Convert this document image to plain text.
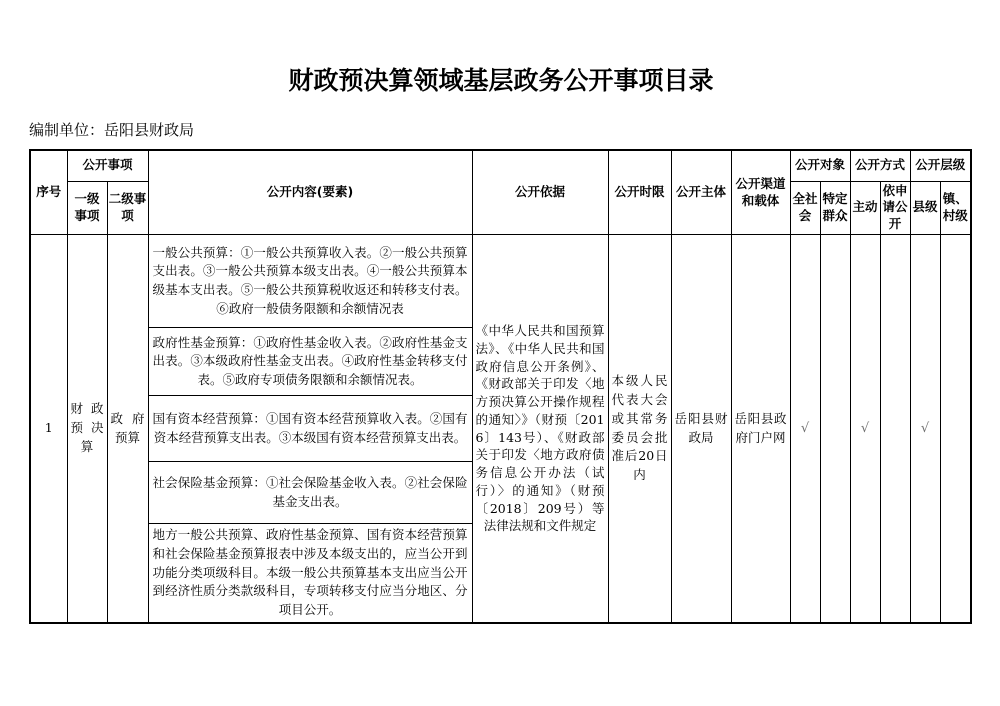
财政预决算领域基层政务公开事项目录
编制单位：岳阳县财政局
序号	公开事项		公开内容(要素)	公开依据	公开时限	公开主体	公开渠道和载体	公开对象		公开方式		公开层级	
	一级事项	二级事项						全社会	特定群众	主动	依申请公开	县级	镇、村级
1	财政预决算	政府预算	一般公共预算：①一般公共预算收入表。②一般公共预算支出表。③一般公共预算本级支出表。④一般公共预算本级基本支出表。⑤一般公共预算税收返还和转移支付表。⑥政府一般债务限额和余额情况表	《中华人民共和国预算法》、《中华人民共和国政府信息公开条例》、《财政部关于印发〈地方预决算公开操作规程的通知〉》（财预〔2016〕143号）、《财政部关于印发〈地方政府债务信息公开办法（试行）〉的通知》（财预〔2018〕209号）等法律法规和文件规定	本级人民代表大会或其常务委员会批准后20日内	岳阳县财政局	岳阳县政府门户网	√		√		√	
			政府性基金预算：①政府性基金收入表。②政府性基金支出表。③本级政府性基金支出表。④政府性基金转移支付表。⑤政府专项债务限额和余额情况表。										
			国有资本经营预算：①国有资本经营预算收入表。②国有资本经营预算支出表。③本级国有资本经营预算支出表。										
			社会保险基金预算：①社会保险基金收入表。②社会保险基金支出表。										
			地方一般公共预算、政府性基金预算、国有资本经营预算和社会保险基金预算报表中涉及本级支出的，应当公开到功能分类项级科目。本级一般公共预算基本支出应当公开到经济性质分类款级科目，专项转移支付应当分地区、分项目公开。										
